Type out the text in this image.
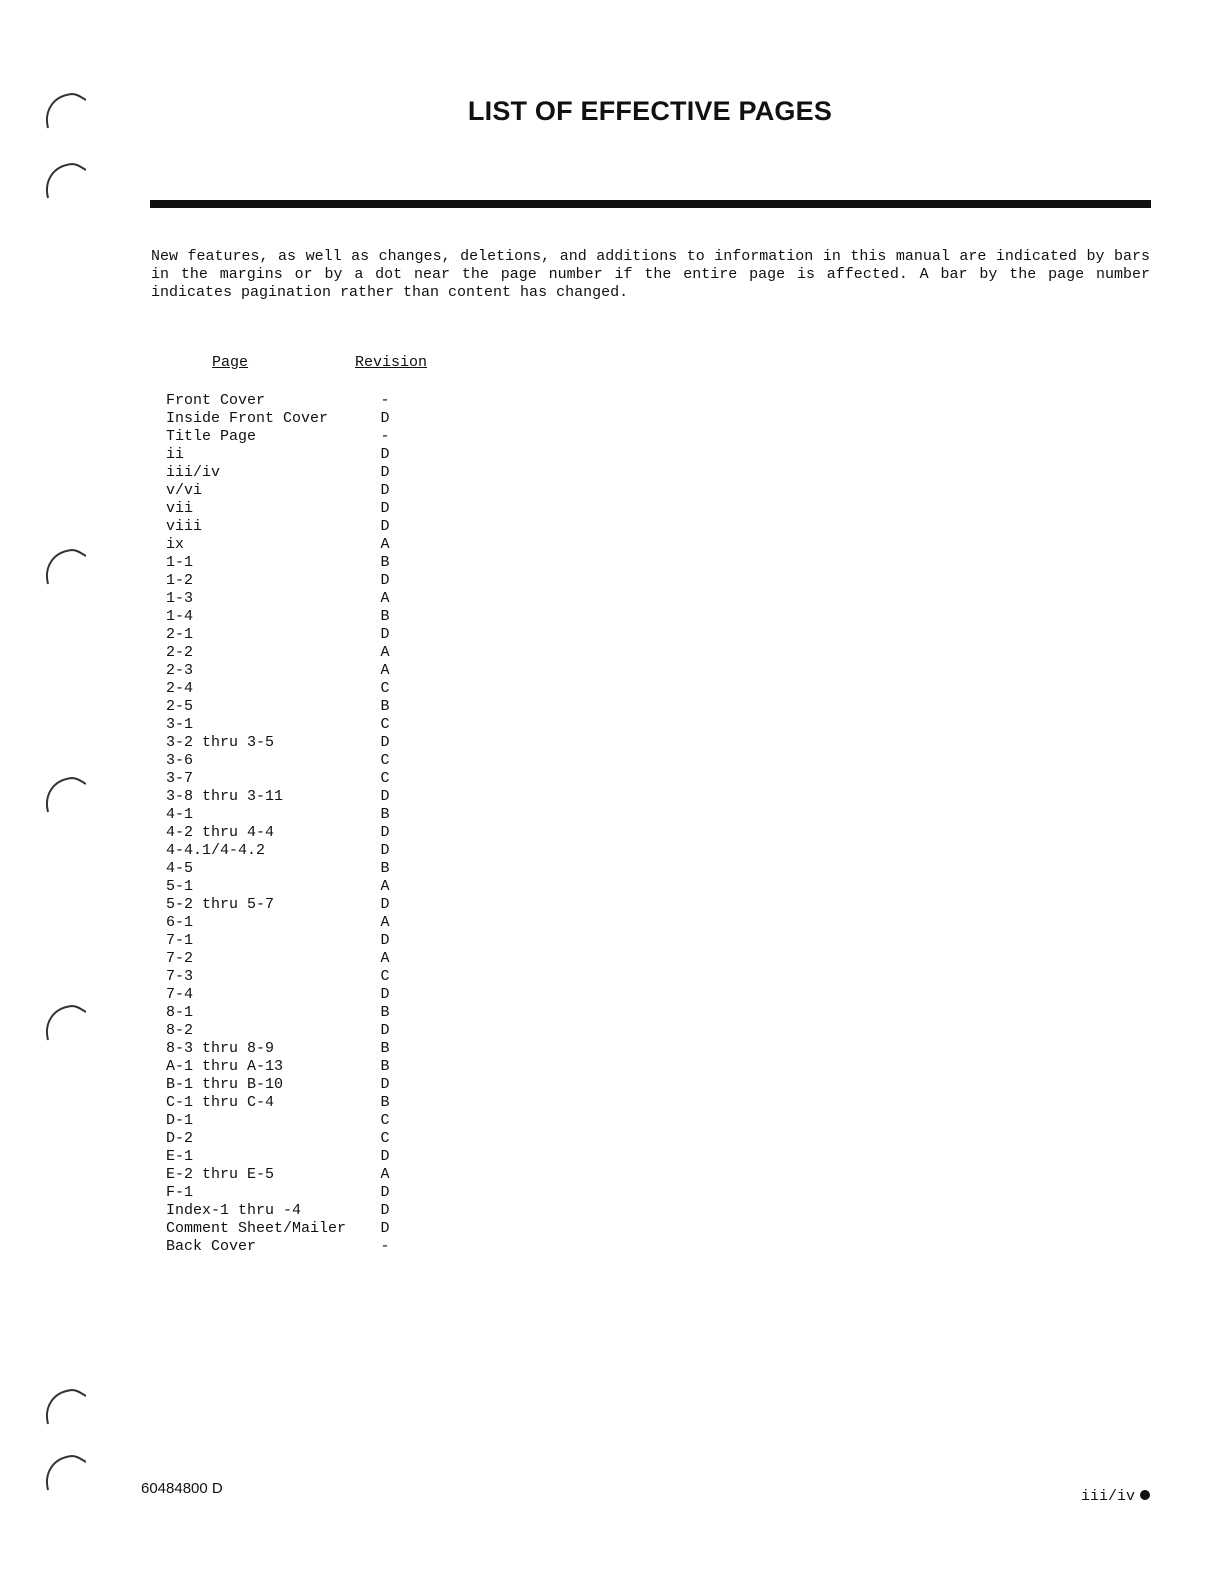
LIST OF EFFECTIVE PAGES
New features, as well as changes, deletions, and additions to information in this manual are indicated by bars in the margins or by a dot near the page number if the entire page is affected. A bar by the page number indicates pagination rather than content has changed.
Page	Revision
Front Cover	-
Inside Front Cover	D
Title Page	-
ii	D
iii/iv	D
v/vi	D
vii	D
viii	D
ix	A
1-1	B
1-2	D
1-3	A
1-4	B
2-1	D
2-2	A
2-3	A
2-4	C
2-5	B
3-1	C
3-2 thru 3-5	D
3-6	C
3-7	C
3-8 thru 3-11	D
4-1	B
4-2 thru 4-4	D
4-4.1/4-4.2	D
4-5	B
5-1	A
5-2 thru 5-7	D
6-1	A
7-1	D
7-2	A
7-3	C
7-4	D
8-1	B
8-2	D
8-3 thru 8-9	B
A-1 thru A-13	B
B-1 thru B-10	D
C-1 thru C-4	B
D-1	C
D-2	C
E-1	D
E-2 thru E-5	A
F-1	D
Index-1 thru -4	D
Comment Sheet/Mailer D
Back Cover	-
60484800 D	iii/iv
